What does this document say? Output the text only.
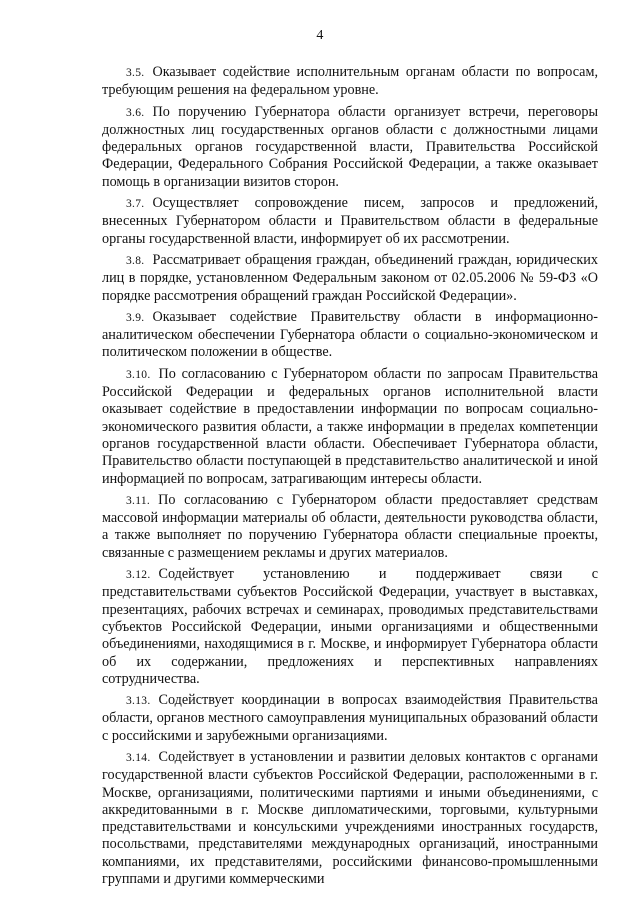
4

3.5. Оказывает содействие исполнительным органам области по вопросам, требующим решения на федеральном уровне.

3.6. По поручению Губернатора области организует встречи, переговоры должностных лиц государственных органов области с должностными лицами федеральных органов государственной власти, Правительства Российской Федерации, Федерального Собрания Российской Федерации, а также оказывает помощь в организации визитов сторон.

3.7. Осуществляет сопровождение писем, запросов и предложений, внесенных Губернатором области и Правительством области в федеральные органы государственной власти, информирует об их рассмотрении.

3.8. Рассматривает обращения граждан, объединений граждан, юридических лиц в порядке, установленном Федеральным законом от 02.05.2006 № 59-ФЗ «О порядке рассмотрения обращений граждан Российской Федерации».

3.9. Оказывает содействие Правительству области в информационно-аналитическом обеспечении Губернатора области о социально-экономическом и политическом положении в обществе.

3.10. По согласованию с Губернатором области по запросам Правительства Российской Федерации и федеральных органов исполнительной власти оказывает содействие в предоставлении информации по вопросам социально-экономического развития области, а также информации в пределах компетенции органов государственной власти области. Обеспечивает Губернатора области, Правительство области поступающей в представительство аналитической и иной информацией по вопросам, затрагивающим интересы области.

3.11. По согласованию с Губернатором области предоставляет средствам массовой информации материалы об области, деятельности руководства области, а также выполняет по поручению Губернатора области специальные проекты, связанные с размещением рекламы и других материалов.

3.12. Содействует установлению и поддерживает связи с представительствами субъектов Российской Федерации, участвует в выставках, презентациях, рабочих встречах и семинарах, проводимых представительствами субъектов Российской Федерации, иными организациями и общественными объединениями, находящимися в г. Москве, и информирует Губернатора области об их содержании, предложениях и перспективных направлениях сотрудничества.

3.13. Содействует координации в вопросах взаимодействия Правительства области, органов местного самоуправления муниципальных образований области с российскими и зарубежными организациями.

3.14. Содействует в установлении и развитии деловых контактов с органами государственной власти субъектов Российской Федерации, расположенными в г. Москве, организациями, политическими партиями и иными объединениями, с аккредитованными в г. Москве дипломатическими, торговыми, культурными представительствами и консульскими учреждениями иностранных государств, посольствами, представителями международных организаций, иностранными компаниями, их представителями, российскими финансово-промышленными группами и другими коммерческими
